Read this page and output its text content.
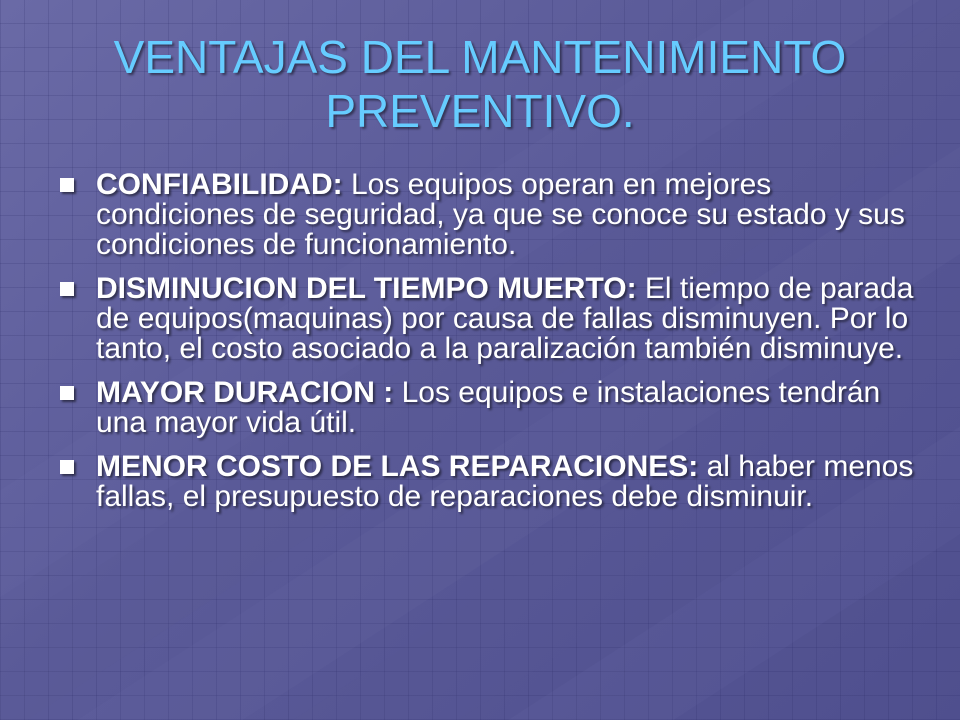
VENTAJAS DEL MANTENIMIENTO PREVENTIVO.
CONFIABILIDAD: Los equipos operan en mejores condiciones de seguridad, ya que se conoce su estado y sus condiciones de funcionamiento.
DISMINUCION DEL TIEMPO MUERTO: El tiempo de parada de equipos(maquinas) por causa de fallas disminuyen. Por lo tanto, el costo asociado a la paralización también disminuye.
MAYOR DURACION : Los equipos e instalaciones tendrán una mayor vida útil.
MENOR COSTO DE LAS REPARACIONES: al haber menos fallas, el presupuesto de reparaciones debe disminuir.
